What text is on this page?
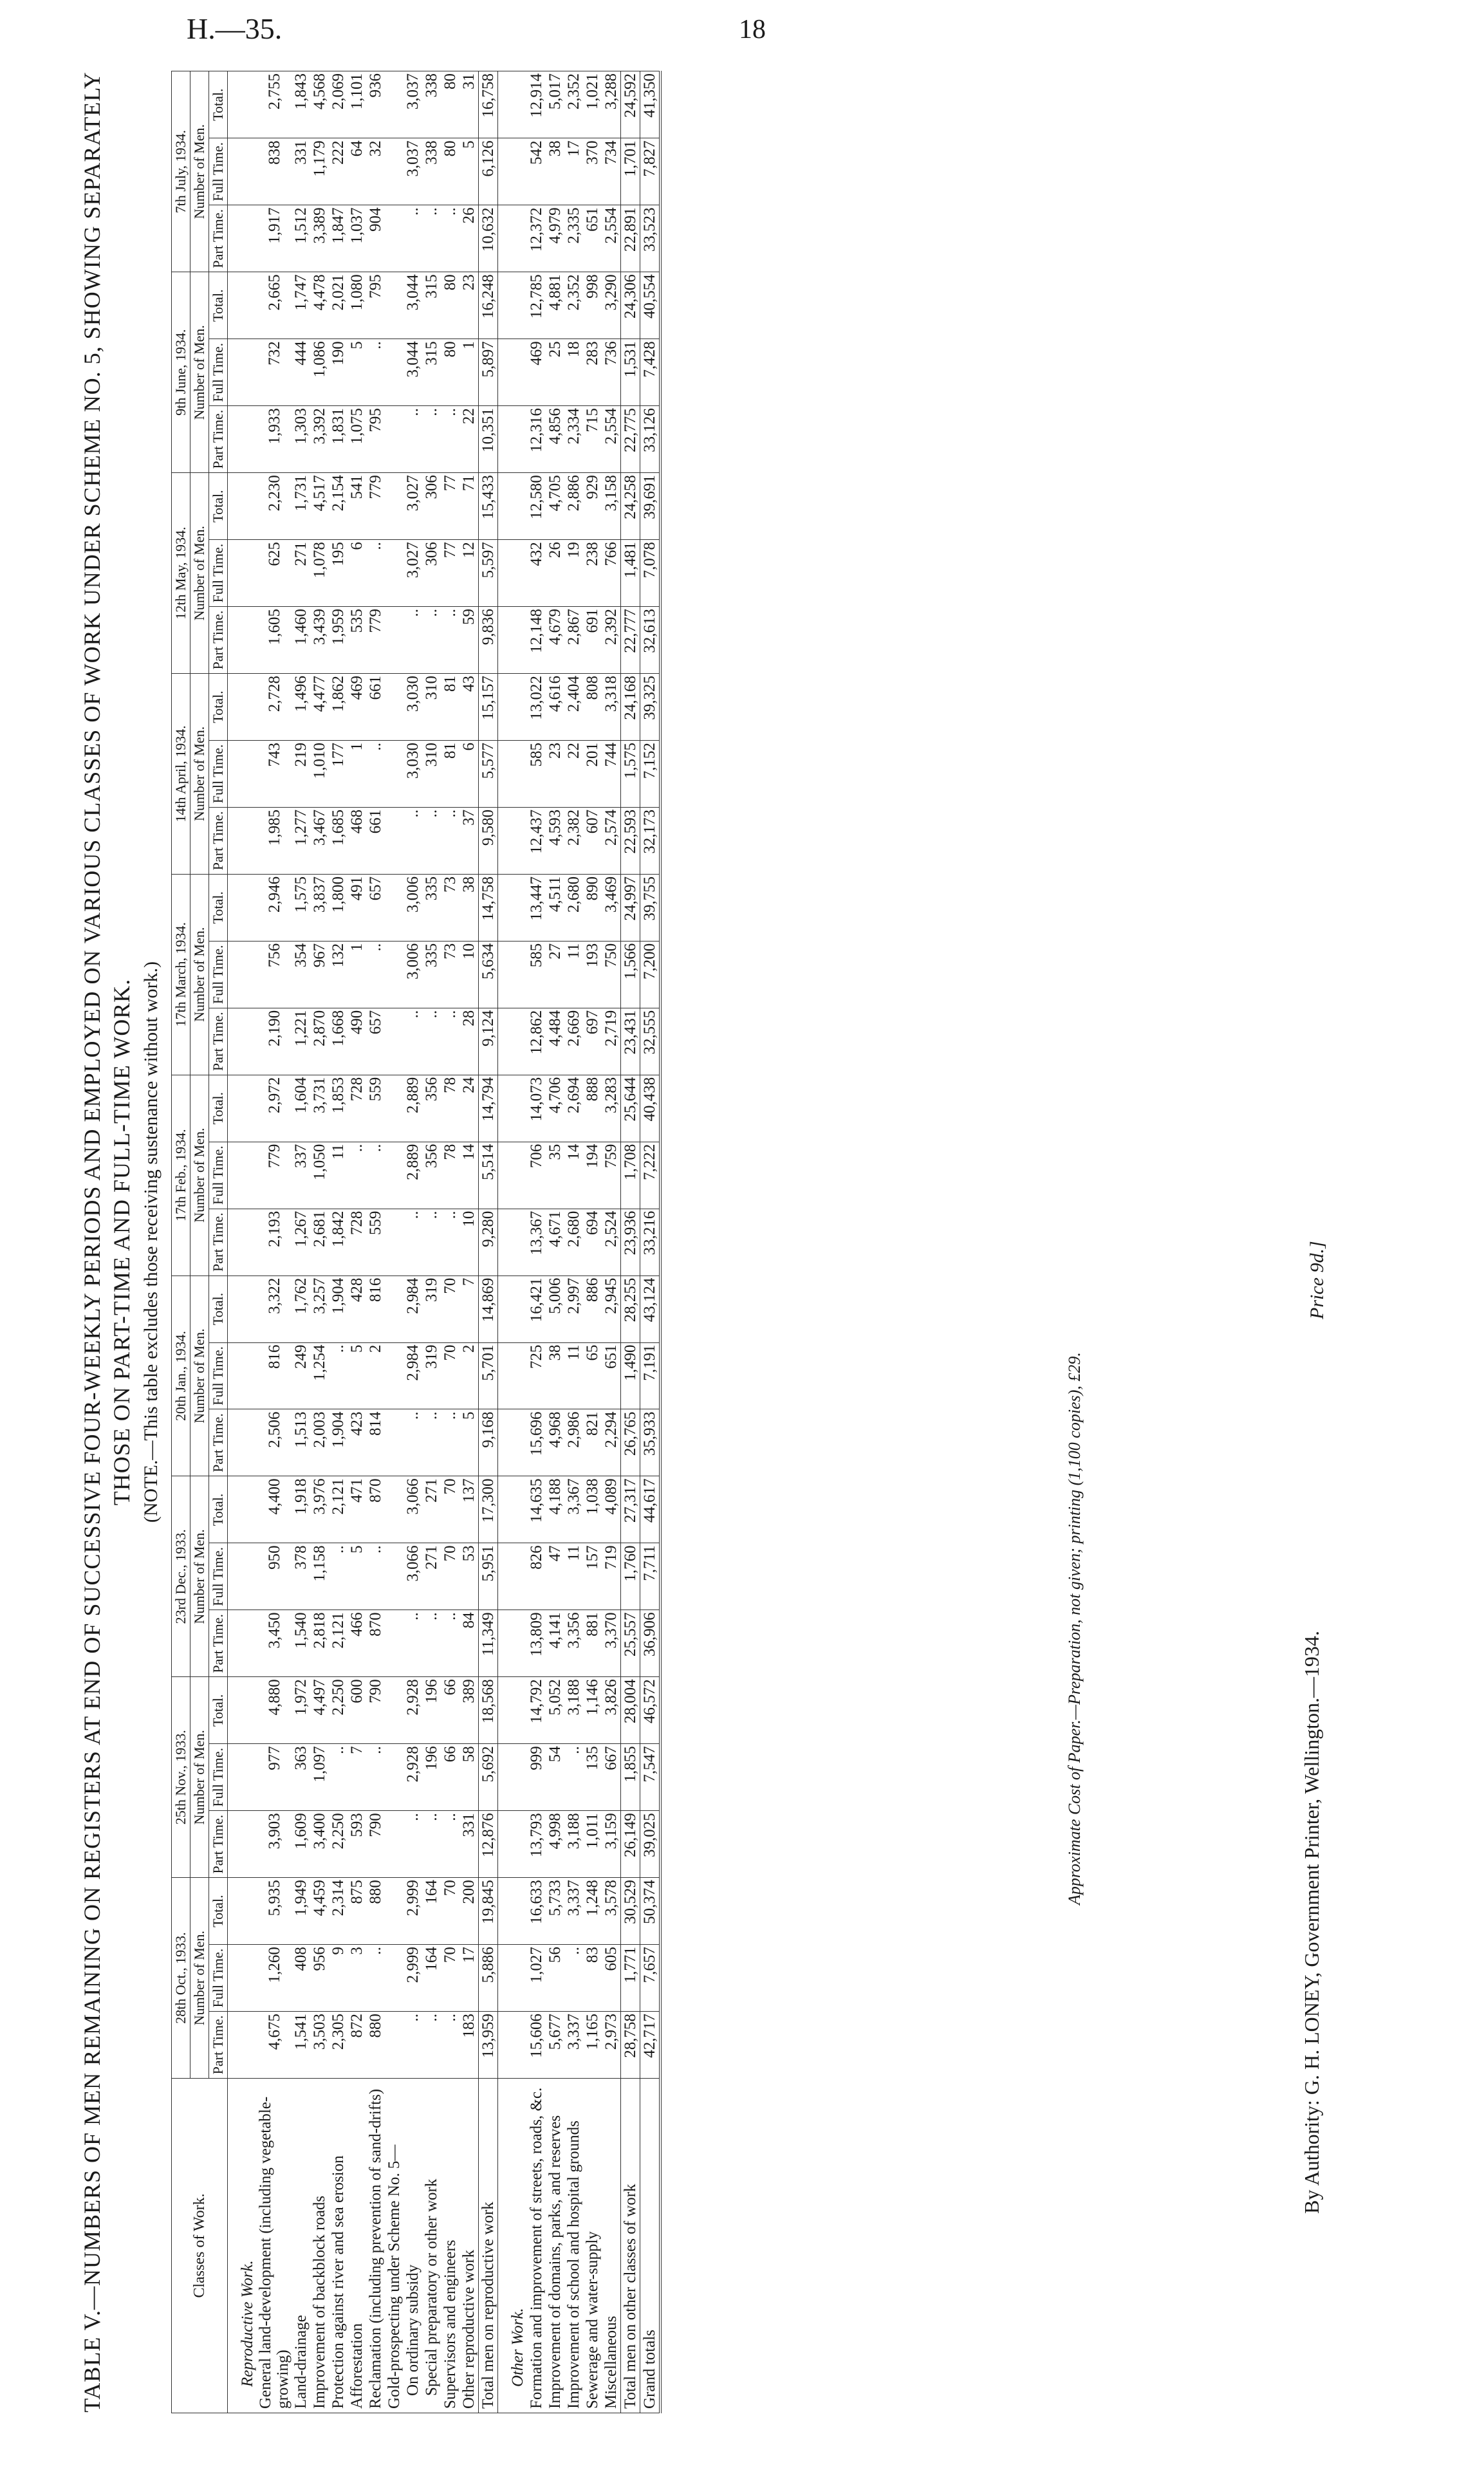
H.—35.	18
TABLE V.—NUMBERS OF MEN REMAINING ON REGISTERS AT END OF SUCCESSIVE FOUR-WEEKLY PERIODS AND EMPLOYED ON VARIOUS CLASSES OF WORK UNDER SCHEME NO. 5, SHOWING SEPARATELY THOSE ON PART-TIME AND FULL-TIME WORK. (NOTE.—This table excludes those receiving sustenance without work.)
Classes of Work.	28th Oct., 1933.			25th Nov., 1933.			23rd Dec., 1933.			20th Jan., 1934.			17th Feb., 1934.			17th March, 1934.			14th April, 1934.			12th May, 1934.			9th June, 1934.			7th July, 1934.		
	Number of Men.			Number of Men.			Number of Men.			Number of Men.			Number of Men.			Number of Men.			Number of Men.			Number of Men.			Number of Men.			Number of Men.		
	Part Time.	Full Time.	Total.	Part Time.	Full Time.	Total.	Part Time.	Full Time.	Total.	Part Time.	Full Time.	Total.	Part Time.	Full Time.	Total.	Part Time.	Full Time.	Total.	Part Time.	Full Time.	Total.	Part Time.	Full Time.	Total.	Part Time.	Full Time.	Total.	Part Time.	Full Time.	Total.

Reproductive Work.																														
General land-development (including vegetable-growing)	4,675	1,260	5,935	3,903	977	4,880	3,450	950	4,400	2,506	816	3,322	2,193	779	2,972	2,190	756	2,946	1,985	743	2,728	1,605	625	2,230	1,933	732	2,665	1,917	838	2,755
Land-drainage	1,541	408	1,949	1,609	363	1,972	1,540	378	1,918	1,513	249	1,762	1,267	337	1,604	1,221	354	1,575	1,277	219	1,496	1,460	271	1,731	1,303	444	1,747	1,512	331	1,843
Improvement of backblock roads	3,503	956	4,459	3,400	1,097	4,497	2,818	1,158	3,976	2,003	1,254	3,257	2,681	1,050	3,731	2,870	967	3,837	3,467	1,010	4,477	3,439	1,078	4,517	3,392	1,086	4,478	3,389	1,179	4,568
Protection against river and sea erosion	2,305	9	2,314	2,250	..	2,250	2,121	..	2,121	1,904	..	1,904	1,842	11	1,853	1,668	132	1,800	1,685	177	1,862	1,959	195	2,154	1,831	190	2,021	1,847	222	2,069
Afforestation	872	3	875	593	7	600	466	5	471	423	5	428	728	..	728	490	1	491	468	1	469	535	6	541	1,075	5	1,080	1,037	64	1,101
Reclamation (including prevention of sand-drifts)	880	..	880	790	..	790	870	..	870	814	2	816	559	..	559	657	..	657	661	..	661	779	..	779	795	..	795	904	32	936
Gold-prospecting under Scheme No. 5—																														
On ordinary subsidy	..	2,999	2,999	..	2,928	2,928	..	3,066	3,066	..	2,984	2,984	..	2,889	2,889	..	3,006	3,006	..	3,030	3,030	..	3,027	3,027	..	3,044	3,044	..	3,037	3,037
Special preparatory or other work	..	164	164	..	196	196	..	271	271	..	319	319	..	356	356	..	335	335	..	310	310	..	306	306	..	315	315	..	338	338
Supervisors and engineers	..	70	70	..	66	66	..	70	70	..	70	70	..	78	78	..	73	73	..	81	81	..	77	77	..	80	80	..	80	80
Other reproductive work	183	17	200	331	58	389	84	53	137	5	2	7	10	14	24	28	10	38	37	6	43	59	12	71	22	1	23	26	5	31
Total men on reproductive work	13,959	5,886	19,845	12,876	5,692	18,568	11,349	5,951	17,300	9,168	5,701	14,869	9,280	5,514	14,794	9,124	5,634	14,758	9,580	5,577	15,157	9,836	5,597	15,433	10,351	5,897	16,248	10,632	6,126	16,758

Other Work.																														
Formation and improvement of streets, roads, &c.	15,606	1,027	16,633	13,793	999	14,792	13,809	826	14,635	15,696	725	16,421	13,367	706	14,073	12,862	585	13,447	12,437	585	13,022	12,148	432	12,580	12,316	469	12,785	12,372	542	12,914
Improvement of domains, parks, and reserves	5,677	56	5,733	4,998	54	5,052	4,141	47	4,188	4,968	38	5,006	4,671	35	4,706	4,484	27	4,511	4,593	23	4,616	4,679	26	4,705	4,856	25	4,881	4,979	38	5,017
Improvement of school and hospital grounds	3,337	..	3,337	3,188	..	3,188	3,356	11	3,367	2,986	11	2,997	2,680	14	2,694	2,669	11	2,680	2,382	22	2,404	2,867	19	2,886	2,334	18	2,352	2,335	17	2,352
Sewerage and water-supply	1,165	83	1,248	1,011	135	1,146	881	157	1,038	821	65	886	694	194	888	697	193	890	607	201	808	691	238	929	715	283	998	651	370	1,021
Miscellaneous	2,973	605	3,578	3,159	667	3,826	3,370	719	4,089	2,294	651	2,945	2,524	759	3,283	2,719	750	3,469	2,574	744	3,318	2,392	766	3,158	2,554	736	3,290	2,554	734	3,288
Total men on other classes of work	28,758	1,771	30,529	26,149	1,855	28,004	25,557	1,760	27,317	26,765	1,490	28,255	23,936	1,708	25,644	23,431	1,566	24,997	22,593	1,575	24,168	22,777	1,481	24,258	22,775	1,531	24,306	22,891	1,701	24,592
Grand totals	42,717	7,657	50,374	39,025	7,547	46,572	36,906	7,711	44,617	35,933	7,191	43,124	33,216	7,222	40,438	32,555	7,200	39,755	32,173	7,152	39,325	32,613	7,078	39,691	33,126	7,428	40,554	33,523	7,827	41,350
Approximate Cost of Paper.—Preparation, not given; printing (1,100 copies), £29.
By Authority: G. H. LONEY, Government Printer, Wellington.—1934.
Price 9d.]
